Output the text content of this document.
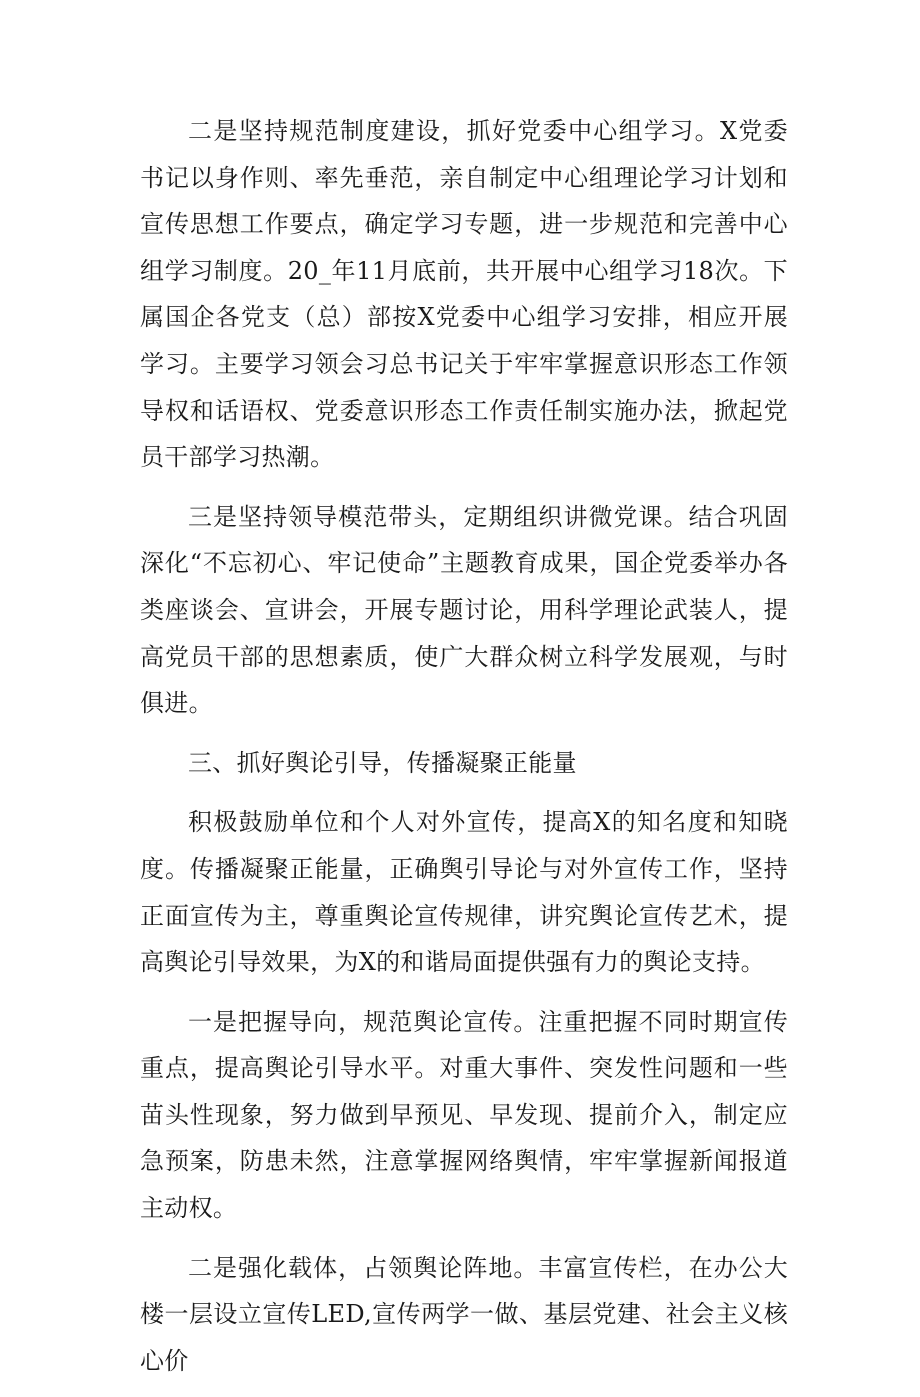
二是坚持规范制度建设，抓好党委中心组学习。X党委书记以身作则、率先垂范，亲自制定中心组理论学习计划和宣传思想工作要点，确定学习专题，进一步规范和完善中心组学习制度。20_年11月底前，共开展中心组学习18次。下属国企各党支（总）部按X党委中心组学习安排，相应开展学习。主要学习领会习总书记关于牢牢掌握意识形态工作领导权和话语权、党委意识形态工作责任制实施办法，掀起党员干部学习热潮。

三是坚持领导模范带头，定期组织讲微党课。结合巩固深化“不忘初心、牢记使命”主题教育成果，国企党委举办各类座谈会、宣讲会，开展专题讨论，用科学理论武装人，提高党员干部的思想素质，使广大群众树立科学发展观，与时俱进。

三、抓好舆论引导，传播凝聚正能量

积极鼓励单位和个人对外宣传，提高X的知名度和知晓度。传播凝聚正能量，正确舆引导论与对外宣传工作，坚持正面宣传为主，尊重舆论宣传规律，讲究舆论宣传艺术，提高舆论引导效果，为X的和谐局面提供强有力的舆论支持。

一是把握导向，规范舆论宣传。注重把握不同时期宣传重点，提高舆论引导水平。对重大事件、突发性问题和一些苗头性现象，努力做到早预见、早发现、提前介入，制定应急预案，防患未然，注意掌握网络舆情，牢牢掌握新闻报道主动权。

二是强化载体，占领舆论阵地。丰富宣传栏，在办公大楼一层设立宣传LED,宣传两学一做、基层党建、社会主义核心价
